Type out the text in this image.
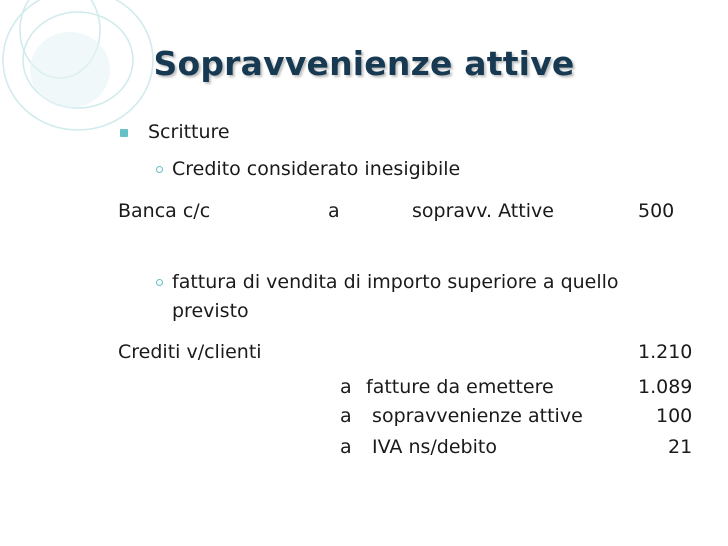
Sopravvenienze attive
Scritture
Credito considerato inesigibile
Banca c/c	a	sopravv. Attive	500
fattura di vendita di importo superiore a quello
previsto
Crediti v/clienti	1.210
a fatture da emettere	1.089
a sopravvenienze attive	100
a IVA ns/debito	21
